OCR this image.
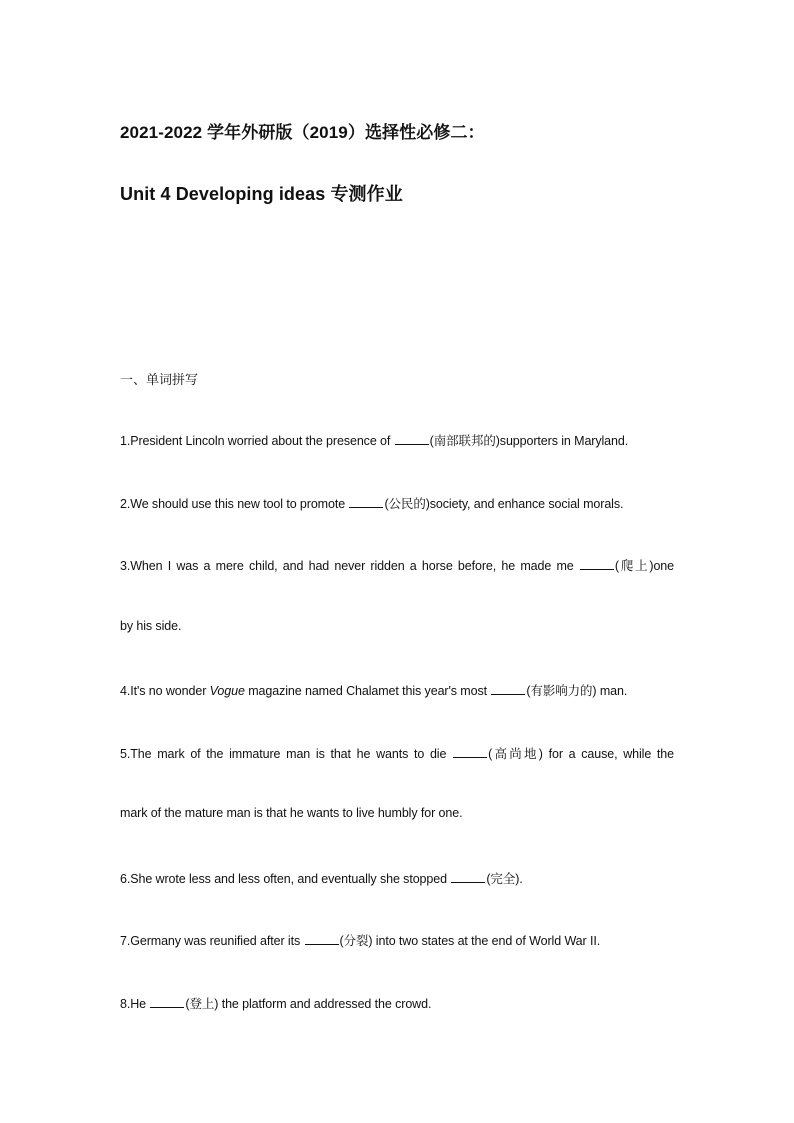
2021-2022 学年外研版（2019）选择性必修二：
Unit 4 Developing ideas 专测作业
一、单词拼写
1.President Lincoln worried about the presence of	(南部联邦的)supporters in Maryland.
2.We should use this new tool to promote	(公民的)society, and enhance social morals.
3.When I was a mere child, and had never ridden a horse before, he made me	(爬上)one
by his side.
4.It's no wonder Vogue magazine named Chalamet this year's most	(有影响力的) man.
5.The mark of the immature man is that he wants to die	(高尚地) for a cause, while the
mark of the mature man is that he wants to live humbly for one.
6.She wrote less and less often, and eventually she stopped	(完全).
7.Germany was reunified after its	(分裂) into two states at the end of World War II.
8.He	(登上) the platform and addressed the crowd.
